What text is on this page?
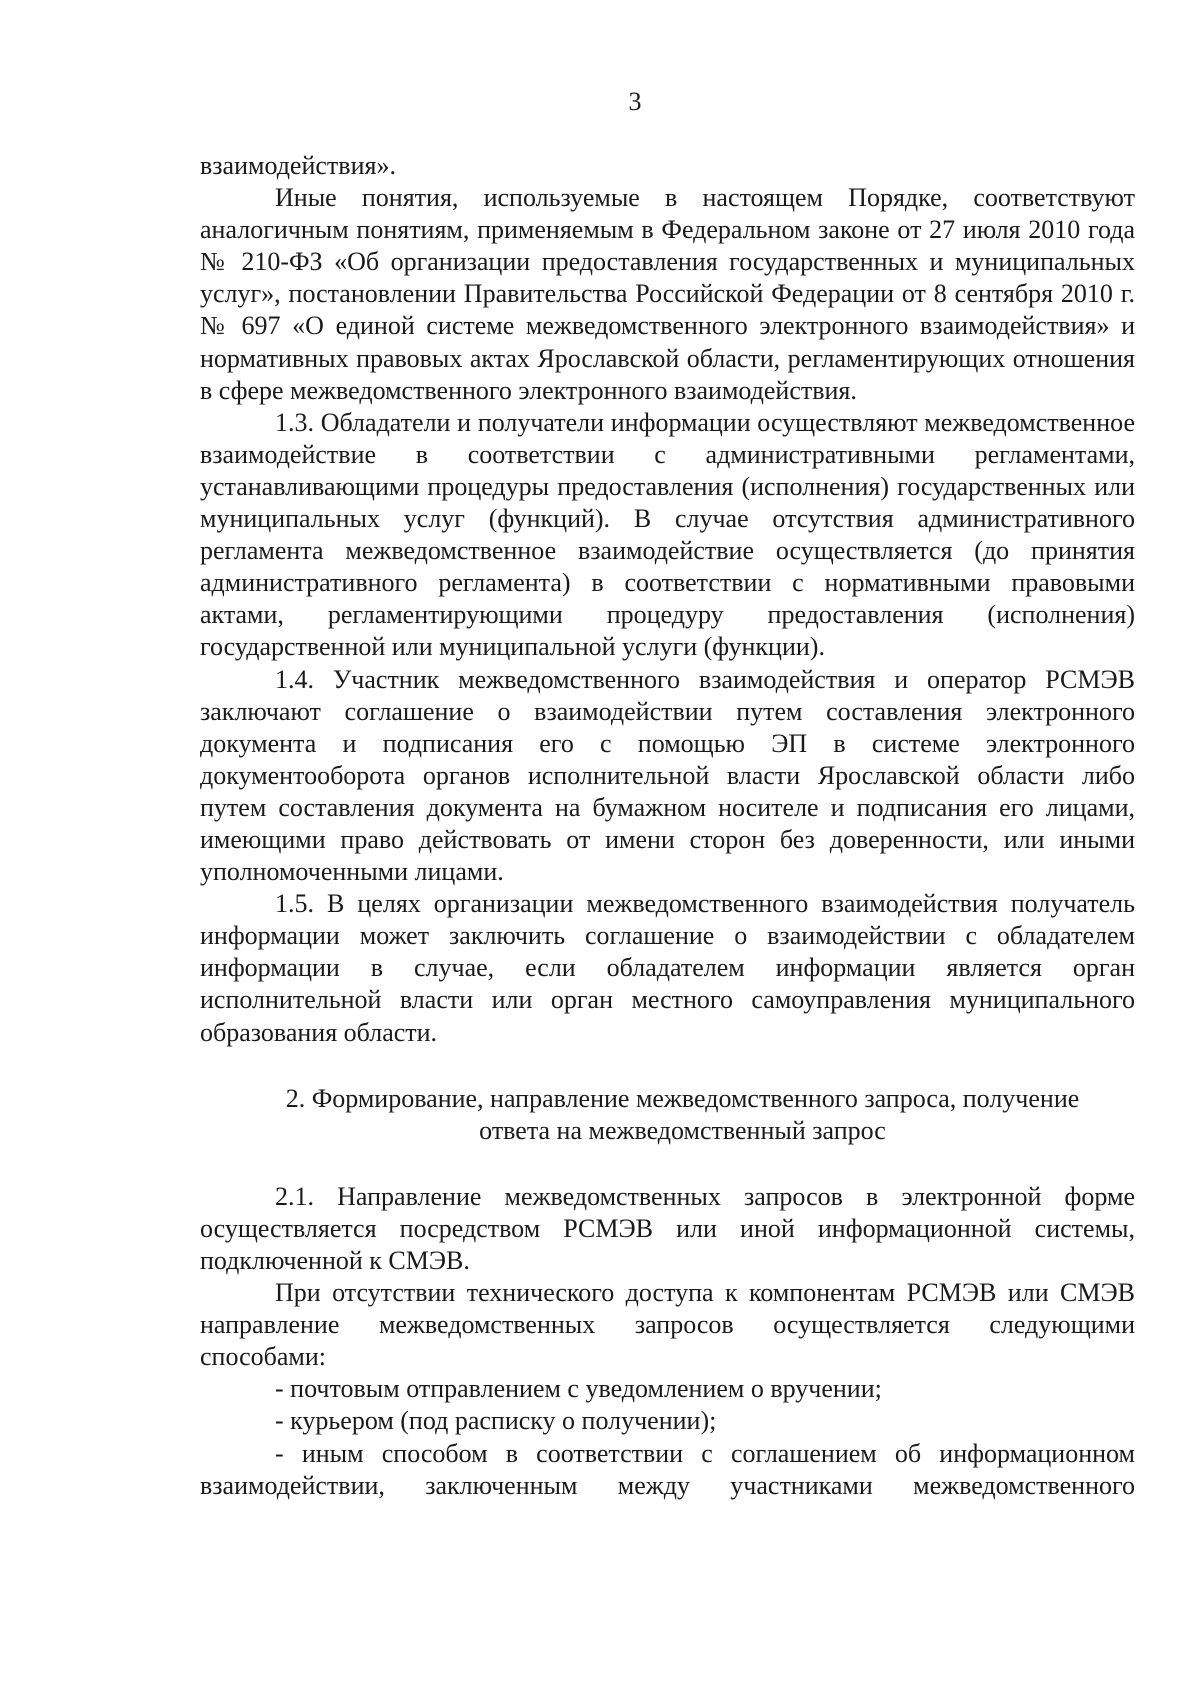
3

взаимодействия».

Иные понятия, используемые в настоящем Порядке, соответствуют аналогичным понятиям, применяемым в Федеральном законе от 27 июля 2010 года № 210-ФЗ «Об организации предоставления государственных и муниципальных услуг», постановлении Правительства Российской Федерации от 8 сентября 2010 г. № 697 «О единой системе межведомственного электронного взаимодействия» и нормативных правовых актах Ярославской области, регламентирующих отношения в сфере межведомственного электронного взаимодействия.

1.3. Обладатели и получатели информации осуществляют межведомственное взаимодействие в соответствии с административными регламентами, устанавливающими процедуры предоставления (исполнения) государственных или муниципальных услуг (функций). В случае отсутствия административного регламента межведомственное взаимодействие осуществляется (до принятия административного регламента) в соответствии с нормативными правовыми актами, регламентирующими процедуру предоставления (исполнения) государственной или муниципальной услуги (функции).

1.4. Участник межведомственного взаимодействия и оператор РСМЭВ заключают соглашение о взаимодействии путем составления электронного документа и подписания его с помощью ЭП в системе электронного документооборота органов исполнительной власти Ярославской области либо путем составления документа на бумажном носителе и подписания его лицами, имеющими право действовать от имени сторон без доверенности, или иными уполномоченными лицами.

1.5. В целях организации межведомственного взаимодействия получатель информации может заключить соглашение о взаимодействии с обладателем информации в случае, если обладателем информации является орган исполнительной власти или орган местного самоуправления муниципального образования области.

2. Формирование, направление межведомственного запроса, получение

ответа на межведомственный запрос

2.1. Направление межведомственных запросов в электронной форме осуществляется посредством РСМЭВ или иной информационной системы, подключенной к СМЭВ.

При отсутствии технического доступа к компонентам РСМЭВ или СМЭВ направление межведомственных запросов осуществляется следующими способами:

- почтовым отправлением с уведомлением о вручении;

- курьером (под расписку о получении);

- иным способом в соответствии с соглашением об информационном взаимодействии, заключенным между участниками межведомственного
